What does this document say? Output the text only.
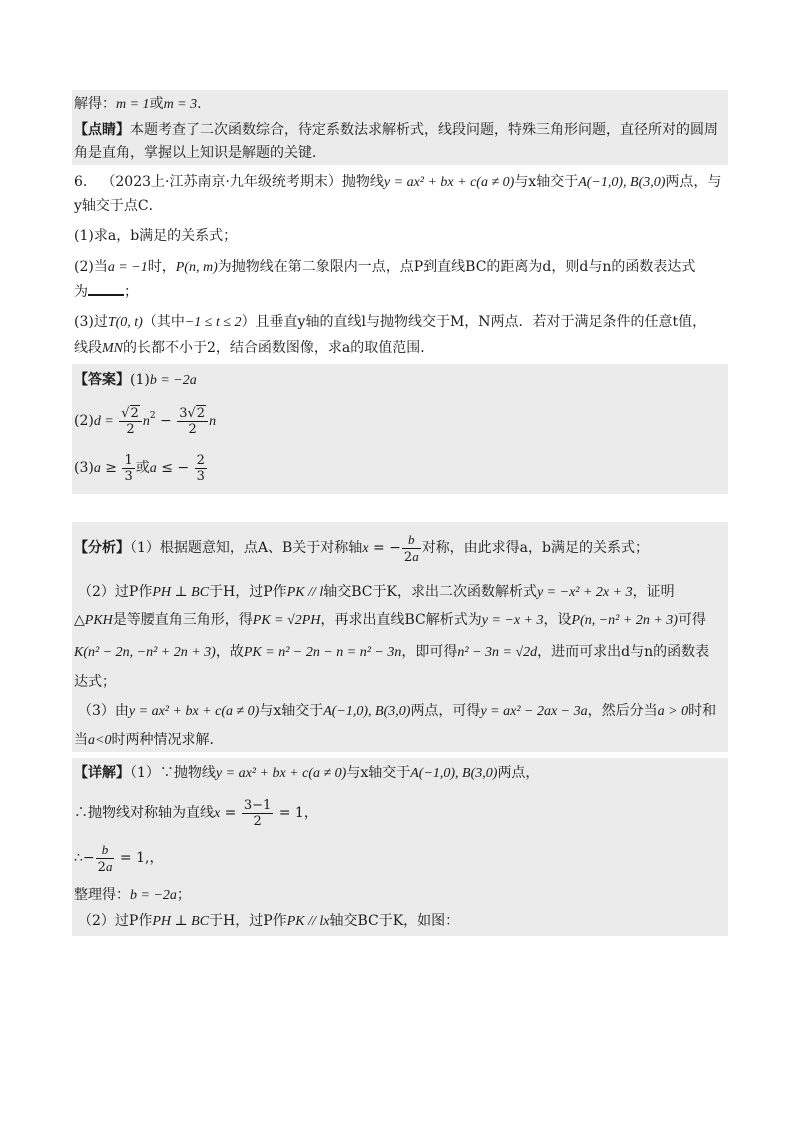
解得：m = 1或m = 3．
【点睛】本题考查了二次函数综合，待定系数法求解析式，线段问题，特殊三角形问题，直径所对的圆周
角是直角，掌握以上知识是解题的关键．
6． （2023上·江苏南京·九年级统考期末）抛物线y = ax² + bx + c(a ≠ 0)与x轴交于A(−1,0), B(3,0)两点，与
y轴交于点C．
(1)求a，b满足的关系式；
(2)当a = −1时，P(n, m)为抛物线在第二象限内一点，点P到直线BC的距离为d，则d与n的函数表达式
为	；
(3)过T(0, t)（其中−1 ≤ t ≤ 2）且垂直y轴的直线l与抛物线交于M，N两点．若对于满足条件的任意t值，
线段MN的长都不小于2，结合函数图像，求a的取值范围．
【答案】(1)b = −2a
$(2)d = \frac{√2}{2} n^2 - \frac{3√2}{2}$ n
$(3)a \ge \frac{1}{3}$ 或a ≤ − $\frac{2}{3}$
【分析】（1）根据题意知，点A、B关于对称轴x = − $\frac{b}{2a}$ 对称，由此求得a，b满足的关系式；
（2）过P作PH ⊥ BC于H，过P作PK // l轴交BC于K，求出二次函数解析式y = −x² + 2x + 3，证明
△PKH是等腰直角三角形，得PK = √2PH，再求出直线BC解析式为y = −x + 3，设P(n, −n² + 2n + 3)可得
K(n² − 2n, −n² + 2n + 3)，故PK = n² − 2n − n = n² − 3n，即可得n² − 3n = √2d，进而可求出d与n的函数表
达式；
（3）由y = ax² + bx + c(a ≠ 0)与x轴交于A(−1,0), B(3,0)两点，可得y = ax² − 2ax − 3a，然后分当a > 0时和
当a<0时两种情况求解．
【详解】（1）∵抛物线y = ax² + bx + c(a ≠ 0)与x轴交于A(−1,0), B(3,0)两点，
∴抛物线对称轴为直线$x = \frac{3-1}{2} = 1$，
∴− $\frac{b}{2a} = 1$,，
整理得：b = −2a；
（2）过P作PH ⊥ BC于H，过P作PK // lx轴交BC于K，如图：
